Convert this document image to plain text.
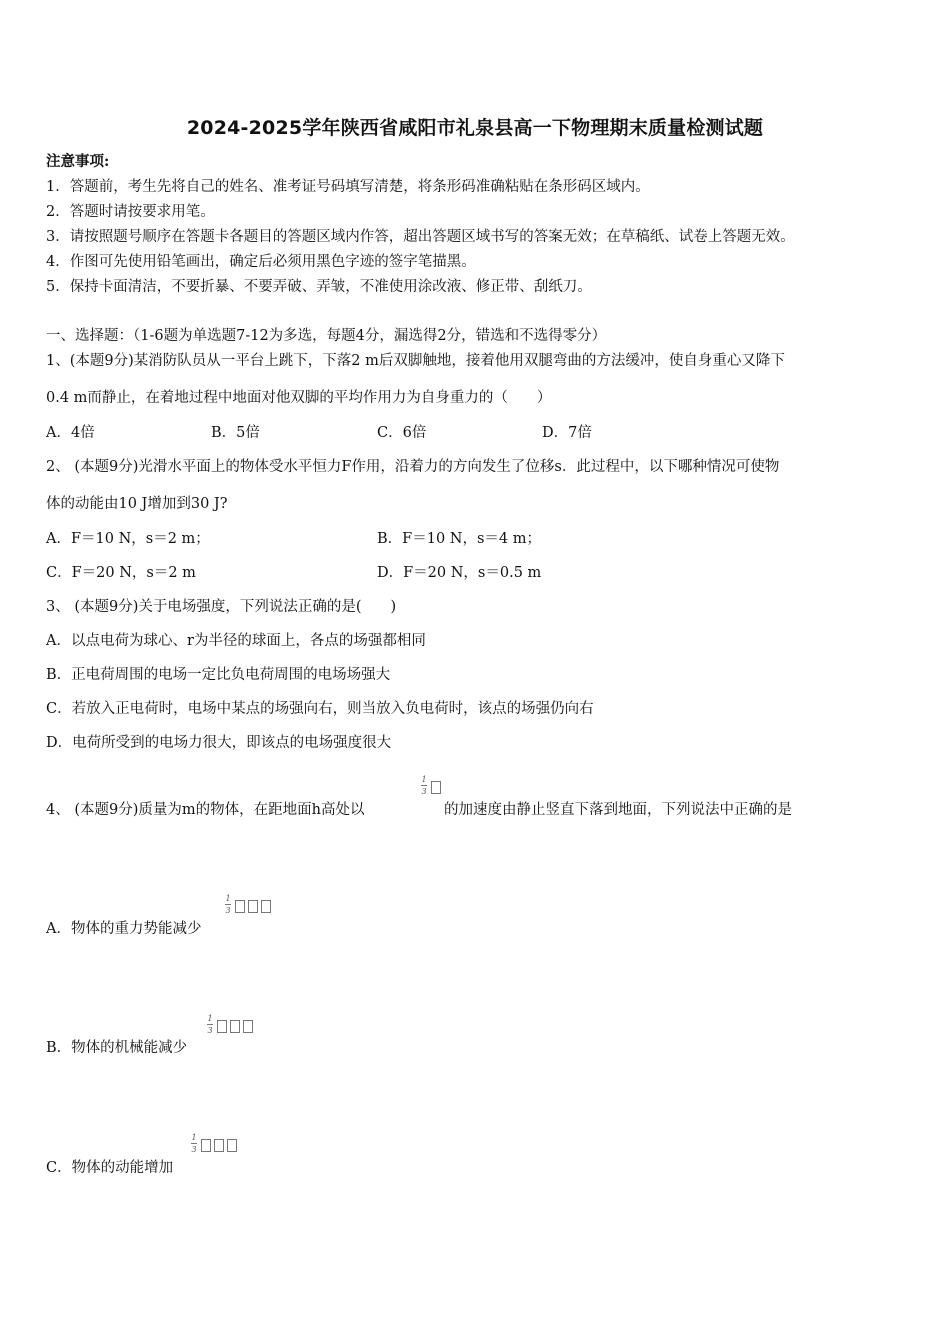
2024-2025学年陕西省咸阳市礼泉县高一下物理期末质量检测试题
注意事项:
1．答题前，考生先将自己的姓名、准考证号码填写清楚，将条形码准确粘贴在条形码区域内。
2．答题时请按要求用笔。
3．请按照题号顺序在答题卡各题目的答题区域内作答，超出答题区域书写的答案无效；在草稿纸、试卷上答题无效。
4．作图可先使用铅笔画出，确定后必须用黑色字迹的签字笔描黑。
5．保持卡面清洁，不要折暴、不要弄破、弄皱，不准使用涂改液、修正带、刮纸刀。
一、选择题：（1-6题为单选题7-12为多选，每题4分，漏选得2分，错选和不选得零分）
1、(本题9分)某消防队员从一平台上跳下，下落2 m后双脚触地，接着他用双腿弯曲的方法缓冲，使自身重心又降下
0.4 m而静止，在着地过程中地面对他双脚的平均作用力为自身重力的（　　）
A．4倍	B．5倍	C．6倍	D．7倍
2、 (本题9分)光滑水平面上的物体受水平恒力F作用，沿着力的方向发生了位移s．此过程中，以下哪种情况可使物
体的动能由10 J增加到30 J?
A．F＝10 N，s＝2 m；	B．F＝10 N，s＝4 m；
C．F＝20 N，s＝2 m	D．F＝20 N，s＝0.5 m
3、 (本题9分)关于电场强度，下列说法正确的是(　　)
A．以点电荷为球心、r为半径的球面上，各点的场强都相同
B．正电荷周围的电场一定比负电荷周围的电场场强大
C．若放入正电荷时，电场中某点的场强向右，则当放入负电荷时，该点的场强仍向右
D．电荷所受到的电场力很大，即该点的电场强度很大
4、 (本题9分)质量为m的物体，在距地面h高处以
1
3
的加速度由静止竖直下落到地面，下列说法中正确的是
A．物体的重力势能减少
1
3
B．物体的机械能减少
1
3
C．物体的动能增加
1
3
